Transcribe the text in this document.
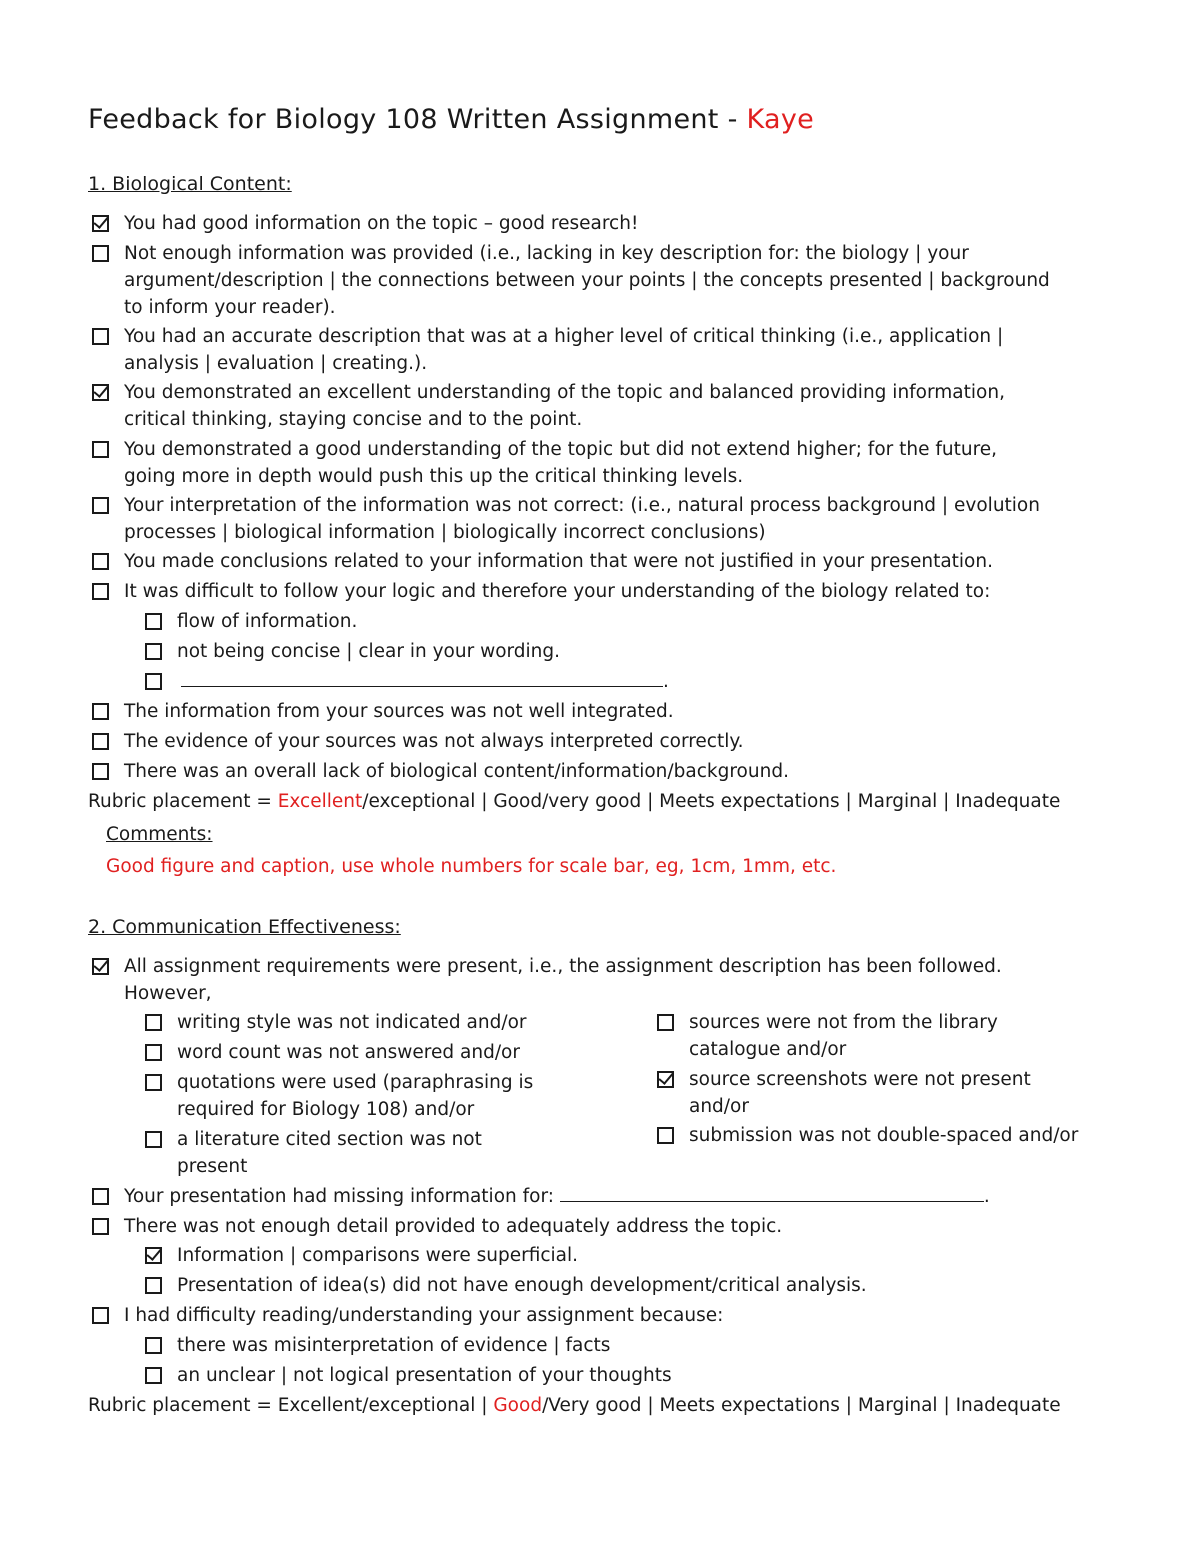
Feedback for Biology 108 Written Assignment - Kaye
1. Biological Content:
You had good information on the topic – good research!
Not enough information was provided (i.e., lacking in key description for: the biology | your
argument/description | the connections between your points | the concepts presented | background
to inform your reader).
You had an accurate description that was at a higher level of critical thinking (i.e., application |
analysis | evaluation | creating.).
You demonstrated an excellent understanding of the topic and balanced providing information,
critical thinking, staying concise and to the point.
You demonstrated a good understanding of the topic but did not extend higher; for the future,
going more in depth would push this up the critical thinking levels.
Your interpretation of the information was not correct: (i.e., natural process background | evolution
processes | biological information | biologically incorrect conclusions)
You made conclusions related to your information that were not justified in your presentation.
It was difficult to follow your logic and therefore your understanding of the biology related to:
flow of information.
not being concise | clear in your wording.
.
The information from your sources was not well integrated.
The evidence of your sources was not always interpreted correctly.
There was an overall lack of biological content/information/background.
Rubric placement = Excellent/exceptional | Good/very good | Meets expectations | Marginal | Inadequate
Comments:
Good figure and caption, use whole numbers for scale bar, eg, 1cm, 1mm, etc.
2. Communication Effectiveness:
All assignment requirements were present, i.e., the assignment description has been followed.
However,
writing style was not indicated and/or
word count was not answered and/or
quotations were used (paraphrasing is
required for Biology 108) and/or
a literature cited section was not
present
sources were not from the library
catalogue and/or
source screenshots were not present
and/or
submission was not double-spaced and/or
Your presentation had missing information for:	.
There was not enough detail provided to adequately address the topic.
Information | comparisons were superficial.
Presentation of idea(s) did not have enough development/critical analysis.
I had difficulty reading/understanding your assignment because:
there was misinterpretation of evidence | facts
an unclear | not logical presentation of your thoughts
Rubric placement = Excellent/exceptional | Good/Very good | Meets expectations | Marginal | Inadequate
